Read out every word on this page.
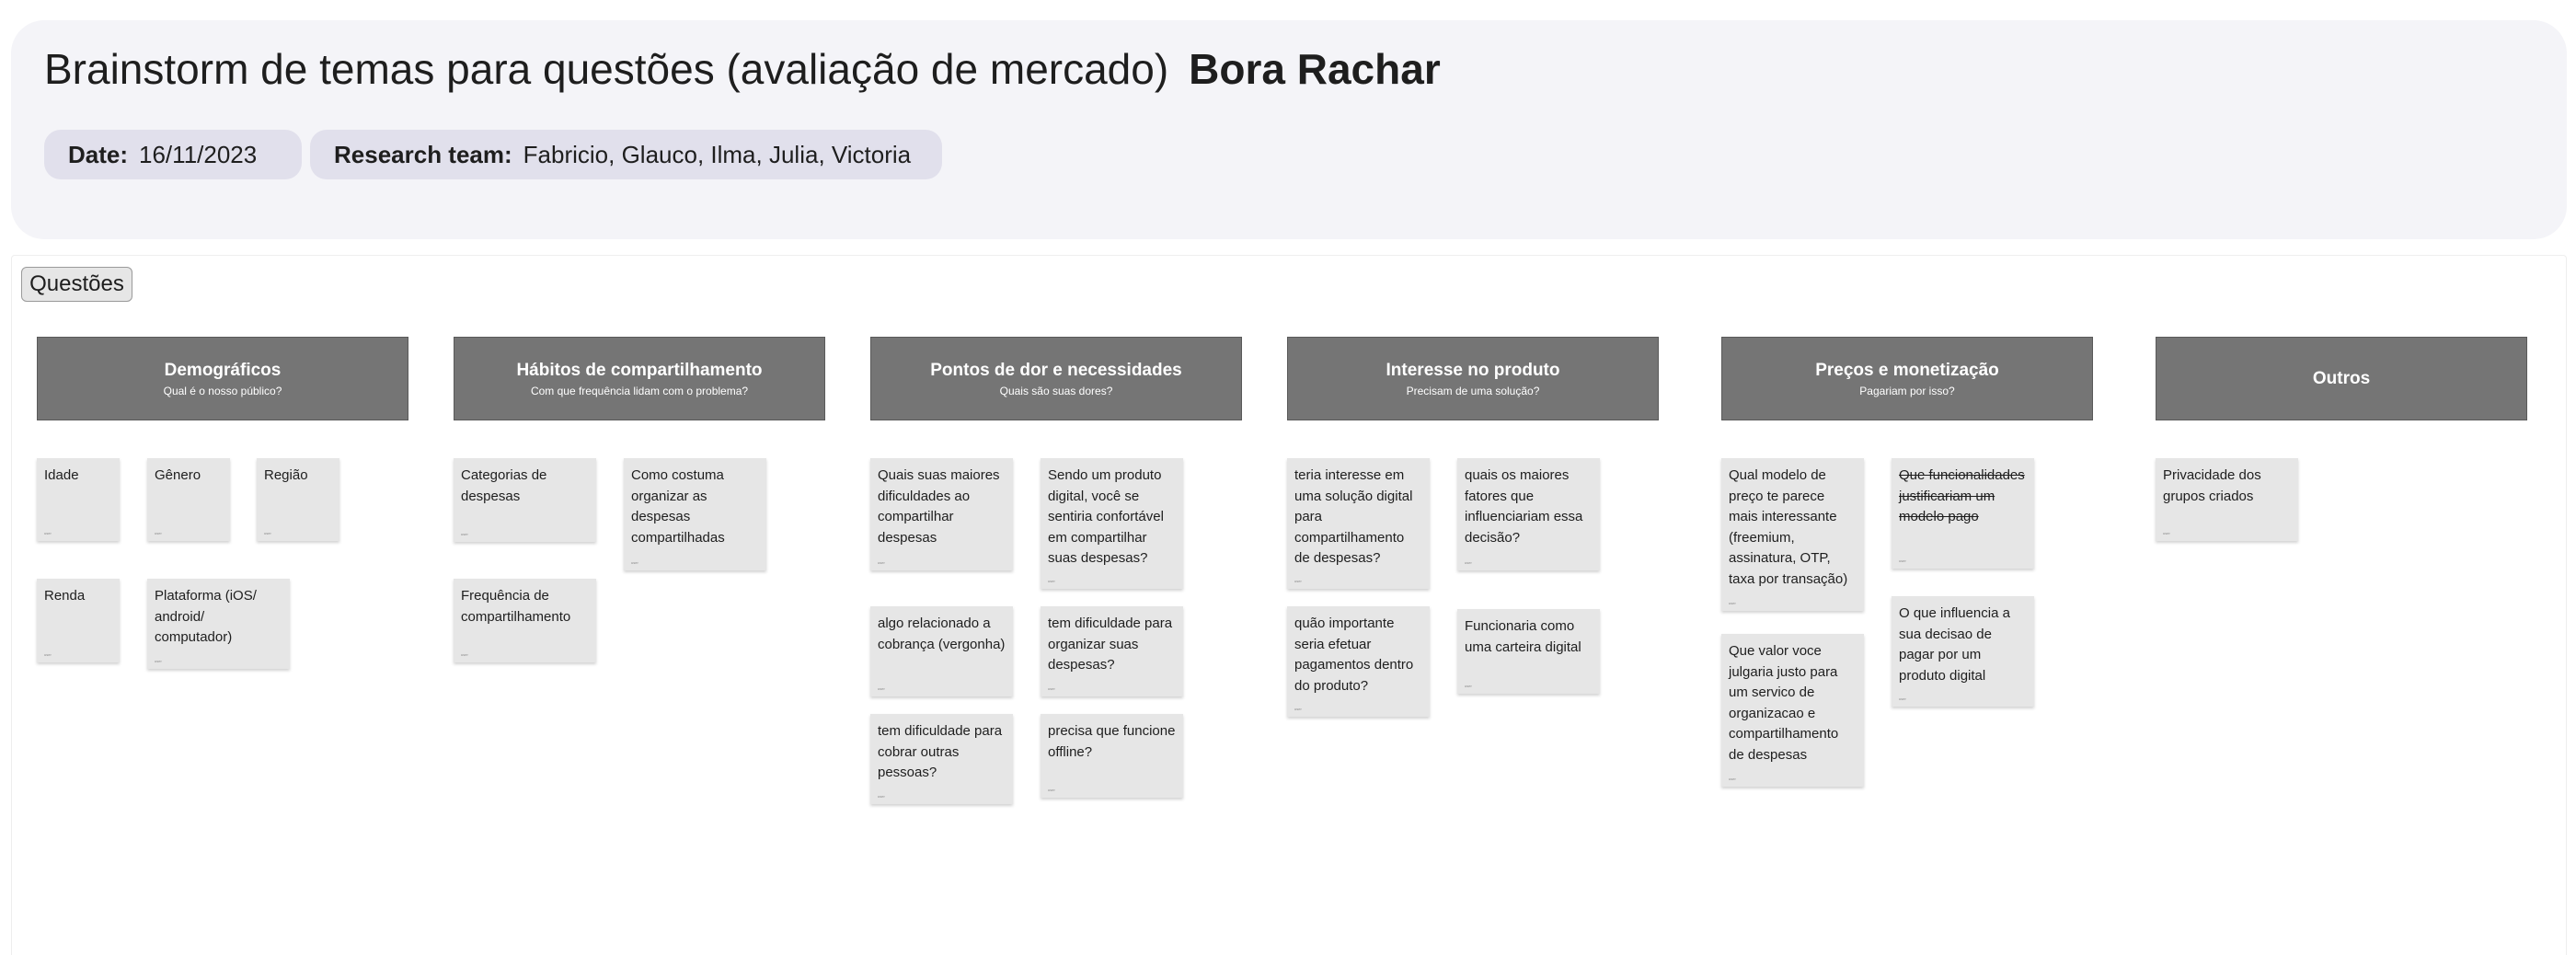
Brainstorm de temas para questões (avaliação de mercado) Bora Rachar
Date: 16/11/2023	Research team: Fabricio, Glauco, Ilma, Julia, Victoria
Questões
Demográficos
Qual é o nosso público?
Hábitos de compartilhamento
Com que frequência lidam com o problema?
Pontos de dor e necessidades
Quais são suas dores?
Interesse no produto
Precisam de uma solução?
Preços e monetização
Pagariam por isso?
Outros
Idade
user
Gênero
user
Região
user
Renda
user
Plataforma (iOS/ android/ computador)
user
Categorias de despesas
user
Como costuma organizar as despesas compartilhadas
user
Frequência de compartilhamento
user
Quais suas maiores dificuldades ao compartilhar despesas
user
Sendo um produto digital, você se sentiria confortável em compartilhar suas despesas?
user
algo relacionado a cobrança (vergonha)
user
tem dificuldade para organizar suas despesas?
user
tem dificuldade para cobrar outras pessoas?
user
precisa que funcione offline?
user
teria interesse em uma solução digital para compartilhamento de despesas?
user
quais os maiores fatores que influenciariam essa decisão?
user
quão importante seria efetuar pagamentos dentro do produto?
user
Funcionaria como uma carteira digital
user
Qual modelo de preço te parece mais interessante (freemium, assinatura, OTP, taxa por transação)
user
Que funcionalidades justificariam um modelo pago
user
Que valor voce julgaria justo para um servico de organizacao e compartilhamento de despesas
user
O que influencia a sua decisao de pagar por um produto digital
user
Privacidade dos grupos criados
user
